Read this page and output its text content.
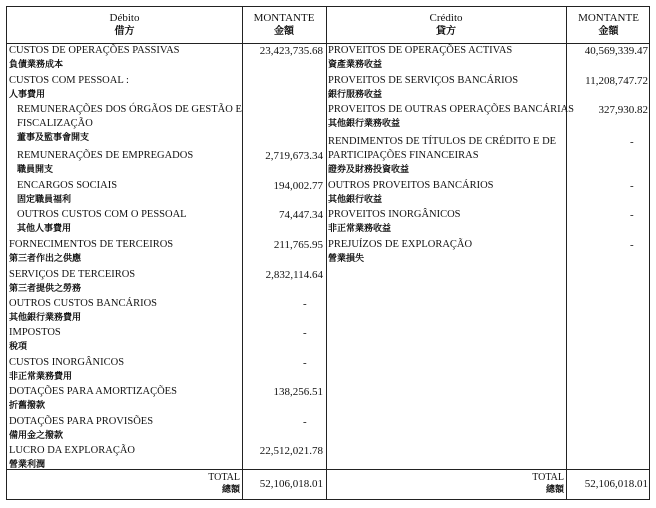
Débito
借方
MONTANTE
金額
Crédito
貸方
MONTANTE
金額
CUSTOS DE OPERAÇÕES PASSIVAS
負債業務成本
23,423,735.68
CUSTOS COM PESSOAL :
人事費用
REMUNERAÇÕES DOS ÓRGÃOS DE GESTÃO E
FISCALIZAÇÃO
董事及監事會開支
REMUNERAÇÕES DE EMPREGADOS
職員開支
2,719,673.34
ENCARGOS SOCIAIS
固定職員福利
194,002.77
OUTROS CUSTOS COM O PESSOAL
其他人事費用
74,447.34
FORNECIMENTOS DE TERCEIROS
第三者作出之供應
211,765.95
SERVIÇOS DE TERCEIROS
第三者提供之勞務
2,832,114.64
OUTROS CUSTOS BANCÁRIOS
其他銀行業務費用
-
IMPOSTOS
稅項
-
CUSTOS INORGÂNICOS
非正常業務費用
-
DOTAÇÕES PARA AMORTIZAÇÕES
折舊撥款
138,256.51
DOTAÇÕES PARA PROVISÕES
備用金之撥款
-
LUCRO DA EXPLORAÇÃO
營業利潤
22,512,021.78
PROVEITOS DE OPERAÇÕES ACTIVAS
資產業務收益
40,569,339.47
PROVEITOS DE SERVIÇOS BANCÁRIOS
銀行服務收益
11,208,747.72
PROVEITOS DE OUTRAS OPERAÇÕES BANCÁRIAS
其他銀行業務收益
327,930.82
RENDIMENTOS DE TÍTULOS DE CRÉDITO E DE
PARTICIPAÇÕES FINANCEIRAS
證券及財務投資收益
-
OUTROS PROVEITOS BANCÁRIOS
其他銀行收益
-
PROVEITOS INORGÂNICOS
非正常業務收益
-
PREJUÍZOS DE EXPLORAÇÃO
營業損失
-
TOTAL
總額	52,106,018.01
TOTAL
總額	52,106,018.01
